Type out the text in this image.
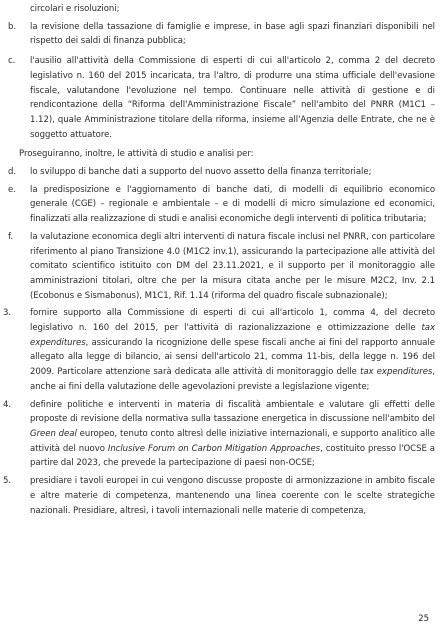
circolari e risoluzioni;
b. la revisione della tassazione di famiglie e imprese, in base agli spazi finanziari disponibili nel rispetto dei saldi di finanza pubblica;
c. l'ausilio all'attività della Commissione di esperti di cui all'articolo 2, comma 2 del decreto legislativo n. 160 del 2015 incaricata, tra l'altro, di produrre una stima ufficiale dell'evasione fiscale, valutandone l'evoluzione nel tempo. Continuare nelle attività di gestione e di rendicontazione della “Riforma dell'Amministrazione Fiscale” nell'ambito del PNRR (M1C1 – 1.12), quale Amministrazione titolare della riforma, insieme all'Agenzia delle Entrate, che ne è soggetto attuatore.
Proseguiranno, inoltre, le attività di studio e analisi per:
d. lo sviluppo di banche dati a supporto del nuovo assetto della finanza territoriale;
e. la predisposizione e l'aggiornamento di banche dati, di modelli di equilibrio economico generale (CGE) – regionale e ambientale – e di modelli di micro simulazione ed economici, finalizzati alla realizzazione di studi e analisi economiche degli interventi di politica tributaria;
f. la valutazione economica degli altri interventi di natura fiscale inclusi nel PNRR, con particolare riferimento al piano Transizione 4.0 (M1C2 inv.1), assicurando la partecipazione alle attività del comitato scientifico istituito con DM del 23.11.2021, e il supporto per il monitoraggio alle amministrazioni titolari, oltre che per la misura citata anche per le misure M2C2, Inv. 2.1 (Ecobonus e Sismabonus), M1C1, Rif. 1.14 (riforma del quadro fiscale subnazionale);
3. fornire supporto alla Commissione di esperti di cui all'articolo 1, comma 4, del decreto legislativo n. 160 del 2015, per l'attività di razionalizzazione e ottimizzazione delle tax expenditures, assicurando la ricognizione delle spese fiscali anche ai fini del rapporto annuale allegato alla legge di bilancio, ai sensi dell'articolo 21, comma 11-bis, della legge n. 196 del 2009. Particolare attenzione sarà dedicata alle attività di monitoraggio delle tax expenditures, anche ai fini della valutazione delle agevolazioni previste a legislazione vigente;
4. definire politiche e interventi in materia di fiscalità ambientale e valutare gli effetti delle proposte di revisione della normativa sulla tassazione energetica in discussione nell'ambito del Green deal europeo, tenuto conto altresì delle iniziative internazionali, e supporto analitico alle attività del nuovo Inclusive Forum on Carbon Mitigation Approaches, costituito presso l'OCSE a partire dal 2023, che prevede la partecipazione di paesi non-OCSE;
5. presidiare i tavoli europei in cui vengono discusse proposte di armonizzazione in ambito fiscale e altre materie di competenza, mantenendo una linea coerente con le scelte strategiche nazionali. Presidiare, altresì, i tavoli internazionali nelle materie di competenza,
25
